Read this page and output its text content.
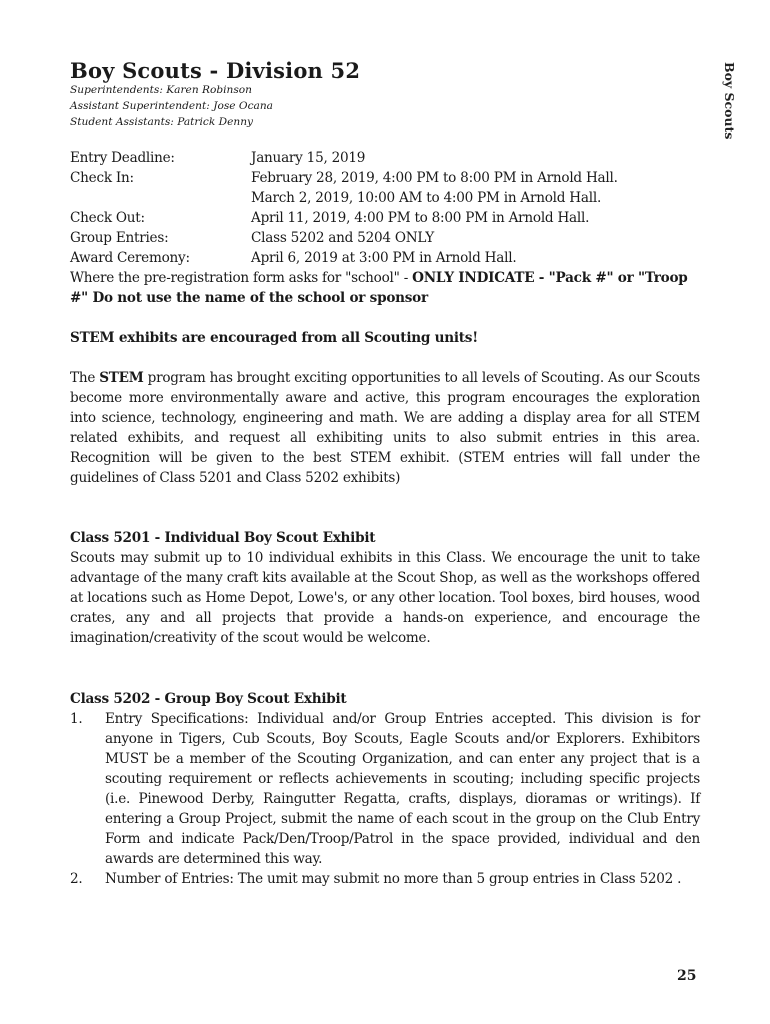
Boy Scouts
Boy Scouts - Division 52
Superintendents: Karen Robinson
Assistant Superintendent: Jose Ocana
Student Assistants: Patrick Denny
Entry Deadline:	January 15, 2019
Check In:	February 28, 2019, 4:00 PM to 8:00 PM in Arnold Hall.
March 2, 2019, 10:00 AM to 4:00 PM in Arnold Hall.
Check Out:	April 11, 2019, 4:00 PM to 8:00 PM in Arnold Hall.
Group Entries:	Class 5202 and 5204 ONLY
Award Ceremony:	April 6, 2019 at 3:00 PM in Arnold Hall.
Where the pre-registration form asks for "school" - ONLY INDICATE - "Pack #" or "Troop #" Do not use the name of the school or sponsor
STEM exhibits are encouraged from all Scouting units!
The STEM program has brought exciting opportunities to all levels of Scouting. As our Scouts become more environmentally aware and active, this program encourages the exploration into science, technology, engineering and math. We are adding a display area for all STEM related exhibits, and request all exhibiting units to also submit entries in this area. Recognition will be given to the best STEM exhibit. (STEM entries will fall under the guidelines of Class 5201 and Class 5202 exhibits)
Class 5201 - Individual Boy Scout Exhibit

Scouts may submit up to 10 individual exhibits in this Class. We encourage the unit to take advantage of the many craft kits available at the Scout Shop, as well as the workshops offered at locations such as Home Depot, Lowe's, or any other location. Tool boxes, bird houses, wood crates, any and all projects that provide a hands-on experience, and encourage the imagination/creativity of the scout would be welcome.

Class 5202 - Group Boy Scout Exhibit
1.	Entry Specifications: Individual and/or Group Entries accepted. This division is for anyone in Tigers, Cub Scouts, Boy Scouts, Eagle Scouts and/or Explorers. Exhibitors MUST be a member of the Scouting Organization, and can enter any project that is a scouting requirement or reflects achievements in scouting; including specific projects (i.e. Pinewood Derby, Raingutter Regatta, crafts, displays, dioramas or writings). If entering a Group Project, submit the name of each scout in the group on the Club Entry Form and indicate Pack/Den/Troop/Patrol in the space provided, individual and den awards are determined this way.
2.	Number of Entries: The umit may submit no more than 5 group entries in Class 5202 .
25
